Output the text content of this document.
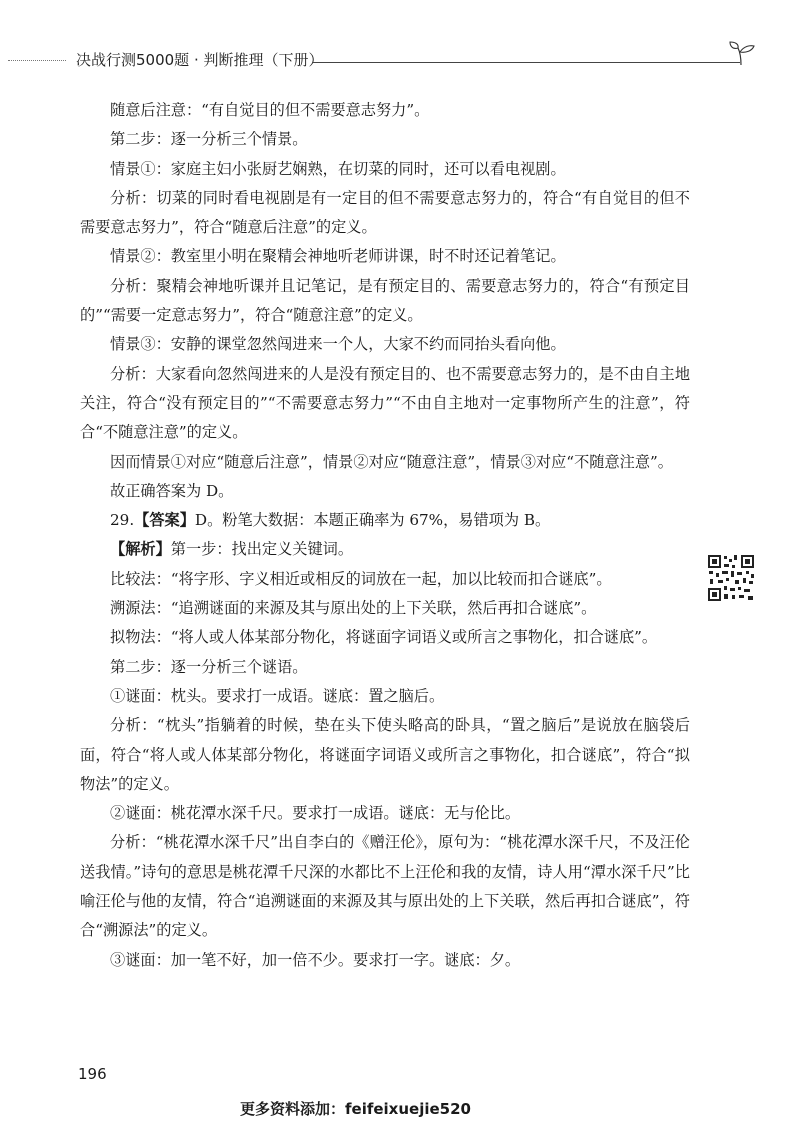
决战行测5000题 · 判断推理（下册）

随意后注意：“有自觉目的但不需要意志努力”。

第二步：逐一分析三个情景。

情景①：家庭主妇小张厨艺娴熟，在切菜的同时，还可以看电视剧。

分析：切菜的同时看电视剧是有一定目的但不需要意志努力的，符合“有自觉目的但不需要意志努力”，符合“随意后注意”的定义。

情景②：教室里小明在聚精会神地听老师讲课，时不时还记着笔记。

分析：聚精会神地听课并且记笔记，是有预定目的、需要意志努力的，符合“有预定目的”“需要一定意志努力”，符合“随意注意”的定义。

情景③：安静的课堂忽然闯进来一个人，大家不约而同抬头看向他。

分析：大家看向忽然闯进来的人是没有预定目的、也不需要意志努力的，是不由自主地关注，符合“没有预定目的”“不需要意志努力”“不由自主地对一定事物所产生的注意”，符合“不随意注意”的定义。

因而情景①对应“随意后注意”，情景②对应“随意注意”，情景③对应“不随意注意”。

故正确答案为 D。

29.【答案】D。粉笔大数据：本题正确率为 67%，易错项为 B。

【解析】第一步：找出定义关键词。

比较法：“将字形、字义相近或相反的词放在一起，加以比较而扣合谜底”。

溯源法：“追溯谜面的来源及其与原出处的上下关联，然后再扣合谜底”。

拟物法：“将人或人体某部分物化，将谜面字词语义或所言之事物化，扣合谜底”。

第二步：逐一分析三个谜语。

①谜面：枕头。要求打一成语。谜底：置之脑后。

分析：“枕头”指躺着的时候，垫在头下使头略高的卧具，“置之脑后”是说放在脑袋后面，符合“将人或人体某部分物化，将谜面字词语义或所言之事物化，扣合谜底”，符合“拟物法”的定义。

②谜面：桃花潭水深千尺。要求打一成语。谜底：无与伦比。

分析：“桃花潭水深千尺”出自李白的《赠汪伦》，原句为：“桃花潭水深千尺，不及汪伦送我情。”诗句的意思是桃花潭千尺深的水都比不上汪伦和我的友情，诗人用“潭水深千尺”比喻汪伦与他的友情，符合“追溯谜面的来源及其与原出处的上下关联，然后再扣合谜底”，符合“溯源法”的定义。

③谜面：加一笔不好，加一倍不少。要求打一字。谜底：夕。

196
更多资料添加：feifeixuejie520
